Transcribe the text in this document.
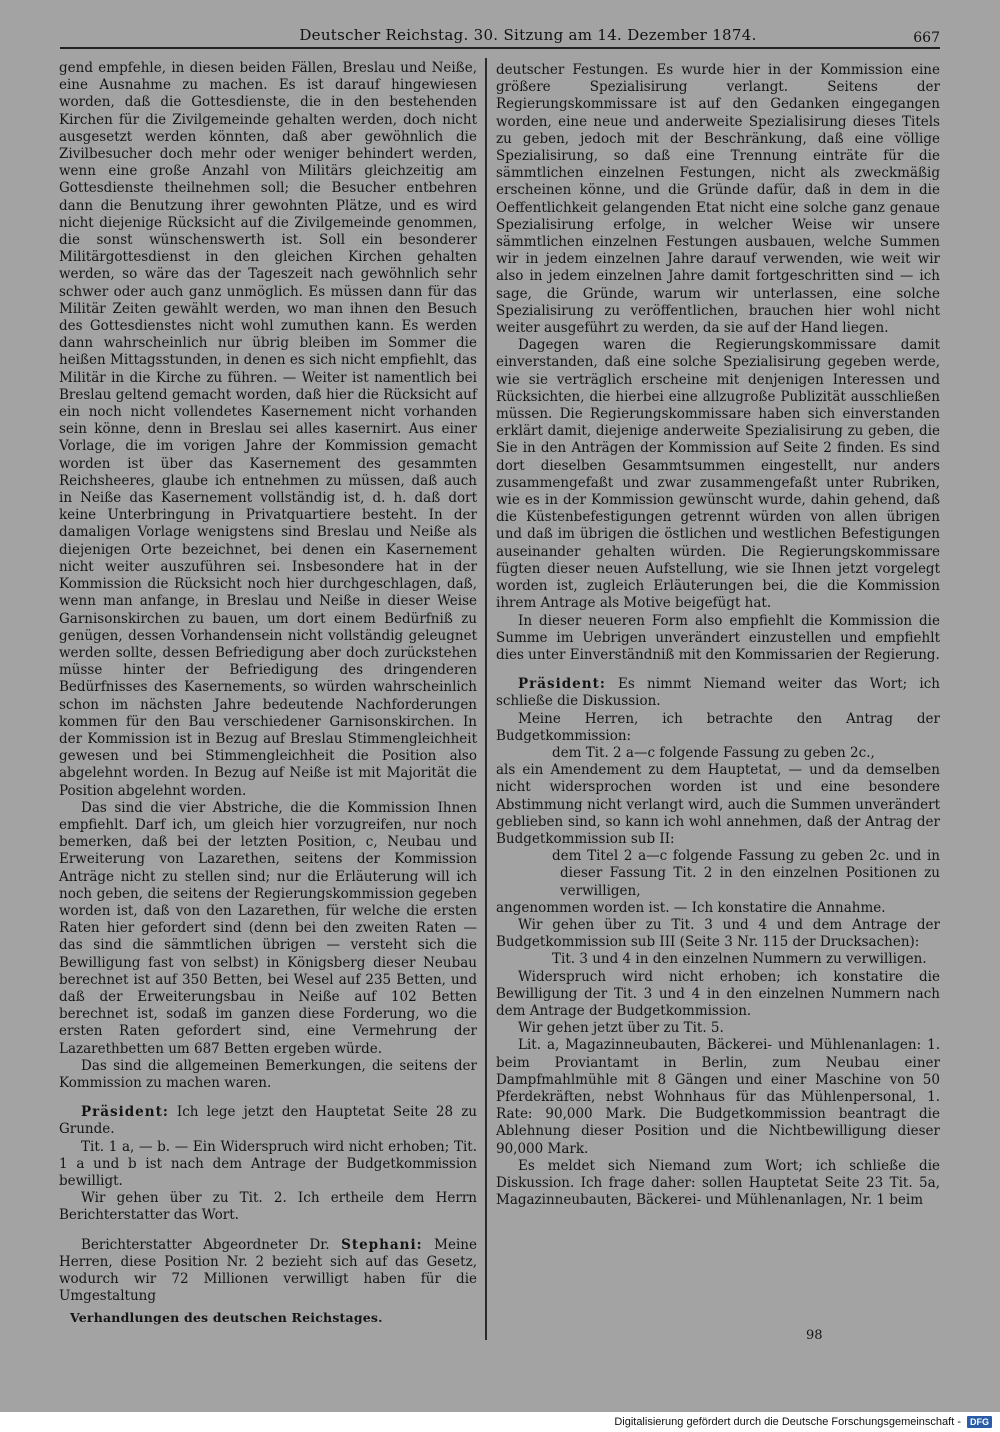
Deutscher Reichstag. 30. Sitzung am 14. Dezember 1874.	667

gend empfehle, in diesen beiden Fällen, Breslau und Neiße, eine Ausnahme zu machen. Es ist darauf hingewiesen worden, daß die Gottesdienste, die in den bestehenden Kirchen für die Zivilgemeinde gehalten werden, doch nicht ausgesetzt werden könnten, daß aber gewöhnlich die Zivilbesucher doch mehr oder weniger behindert werden, wenn eine große Anzahl von Militärs gleichzeitig am Gottesdienste theilnehmen soll; die Besucher entbehren dann die Benutzung ihrer gewohnten Plätze, und es wird nicht diejenige Rücksicht auf die Zivilgemeinde genommen, die sonst wünschenswerth ist. Soll ein besonderer Militärgottesdienst in den gleichen Kirchen gehalten werden, so wäre das der Tageszeit nach gewöhnlich sehr schwer oder auch ganz unmöglich. Es müssen dann für das Militär Zeiten gewählt werden, wo man ihnen den Besuch des Gottesdienstes nicht wohl zumuthen kann. Es werden dann wahrscheinlich nur übrig bleiben im Sommer die heißen Mittagsstunden, in denen es sich nicht empfiehlt, das Militär in die Kirche zu führen. — Weiter ist namentlich bei Breslau geltend gemacht worden, daß hier die Rücksicht auf ein noch nicht vollendetes Kasernement nicht vorhanden sein könne, denn in Breslau sei alles kasernirt. Aus einer Vorlage, die im vorigen Jahre der Kommission gemacht worden ist über das Kasernement des gesammten Reichsheeres, glaube ich entnehmen zu müssen, daß auch in Neiße das Kasernement vollständig ist, d. h. daß dort keine Unterbringung in Privatquartiere besteht. In der damaligen Vorlage wenigstens sind Breslau und Neiße als diejenigen Orte bezeichnet, bei denen ein Kasernement nicht weiter auszuführen sei. Insbesondere hat in der Kommission die Rücksicht noch hier durchgeschlagen, daß, wenn man anfange, in Breslau und Neiße in dieser Weise Garnisonskirchen zu bauen, um dort einem Bedürfniß zu genügen, dessen Vorhandensein nicht vollständig geleugnet werden sollte, dessen Befriedigung aber doch zurückstehen müsse hinter der Befriedigung des dringenderen Bedürfnisses des Kasernements, so würden wahrscheinlich schon im nächsten Jahre bedeutende Nachforderungen kommen für den Bau verschiedener Garnisonskirchen. In der Kommission ist in Bezug auf Breslau Stimmengleichheit gewesen und bei Stimmengleichheit die Position also abgelehnt worden. In Bezug auf Neiße ist mit Majorität die Position abgelehnt worden.

Das sind die vier Abstriche, die die Kommission Ihnen empfiehlt. Darf ich, um gleich hier vorzugreifen, nur noch bemerken, daß bei der letzten Position, c, Neubau und Erweiterung von Lazarethen, seitens der Kommission Anträge nicht zu stellen sind; nur die Erläuterung will ich noch geben, die seitens der Regierungskommission gegeben worden ist, daß von den Lazarethen, für welche die ersten Raten hier gefordert sind (denn bei den zweiten Raten — das sind die sämmtlichen übrigen — versteht sich die Bewilligung fast von selbst) in Königsberg dieser Neubau berechnet ist auf 350 Betten, bei Wesel auf 235 Betten, und daß der Erweiterungsbau in Neiße auf 102 Betten berechnet ist, sodaß im ganzen diese Forderung, wo die ersten Raten gefordert sind, eine Vermehrung der Lazarethbetten um 687 Betten ergeben würde.

Das sind die allgemeinen Bemerkungen, die seitens der Kommission zu machen waren.

Präsident: Ich lege jetzt den Hauptetat Seite 28 zu Grunde.

Tit. 1 a, — b. — Ein Widerspruch wird nicht erhoben; Tit. 1 a und b ist nach dem Antrage der Budgetkommission bewilligt.

Wir gehen über zu Tit. 2. Ich ertheile dem Herrn Berichterstatter das Wort.

Berichterstatter Abgeordneter Dr. Stephani: Meine Herren, diese Position Nr. 2 bezieht sich auf das Gesetz, wodurch wir 72 Millionen verwilligt haben für die Umgestaltung

deutscher Festungen. Es wurde hier in der Kommission eine größere Spezialisirung verlangt. Seitens der Regierungskommissare ist auf den Gedanken eingegangen worden, eine neue und anderweite Spezialisirung dieses Titels zu geben, jedoch mit der Beschränkung, daß eine völlige Spezialisirung, so daß eine Trennung einträte für die sämmtlichen einzelnen Festungen, nicht als zweckmäßig erscheinen könne, und die Gründe dafür, daß in dem in die Oeffentlichkeit gelangenden Etat nicht eine solche ganz genaue Spezialisirung erfolge, in welcher Weise wir unsere sämmtlichen einzelnen Festungen ausbauen, welche Summen wir in jedem einzelnen Jahre darauf verwenden, wie weit wir also in jedem einzelnen Jahre damit fortgeschritten sind — ich sage, die Gründe, warum wir unterlassen, eine solche Spezialisirung zu veröffentlichen, brauchen hier wohl nicht weiter ausgeführt zu werden, da sie auf der Hand liegen.

Dagegen waren die Regierungskommissare damit einverstanden, daß eine solche Spezialisirung gegeben werde, wie sie verträglich erscheine mit denjenigen Interessen und Rücksichten, die hierbei eine allzugroße Publizität ausschließen müssen. Die Regierungskommissare haben sich einverstanden erklärt damit, diejenige anderweite Spezialisirung zu geben, die Sie in den Anträgen der Kommission auf Seite 2 finden. Es sind dort dieselben Gesammtsummen eingestellt, nur anders zusammengefaßt und zwar zusammengefaßt unter Rubriken, wie es in der Kommission gewünscht wurde, dahin gehend, daß die Küstenbefestigungen getrennt würden von allen übrigen und daß im übrigen die östlichen und westlichen Befestigungen auseinander gehalten würden. Die Regierungskommissare fügten dieser neuen Aufstellung, wie sie Ihnen jetzt vorgelegt worden ist, zugleich Erläuterungen bei, die die Kommission ihrem Antrage als Motive beigefügt hat.

In dieser neueren Form also empfiehlt die Kommission die Summe im Uebrigen unverändert einzustellen und empfiehlt dies unter Einverständniß mit den Kommissarien der Regierung.

Präsident: Es nimmt Niemand weiter das Wort; ich schließe die Diskussion.

Meine Herren, ich betrachte den Antrag der Budgetkommission:

dem Tit. 2 a—c folgende Fassung zu geben 2c.,

als ein Amendement zu dem Hauptetat, — und da demselben nicht widersprochen worden ist und eine besondere Abstimmung nicht verlangt wird, auch die Summen unverändert geblieben sind, so kann ich wohl annehmen, daß der Antrag der Budgetkommission sub II:

dem Titel 2 a—c folgende Fassung zu geben 2c. und in dieser Fassung Tit. 2 in den einzelnen Positionen zu verwilligen,

angenommen worden ist. — Ich konstatire die Annahme.

Wir gehen über zu Tit. 3 und 4 und dem Antrage der Budgetkommission sub III (Seite 3 Nr. 115 der Drucksachen):

Tit. 3 und 4 in den einzelnen Nummern zu verwilligen.

Widerspruch wird nicht erhoben; ich konstatire die Bewilligung der Tit. 3 und 4 in den einzelnen Nummern nach dem Antrage der Budgetkommission.

Wir gehen jetzt über zu Tit. 5.

Lit. a, Magazinneubauten, Bäckerei- und Mühlenanlagen: 1. beim Proviantamt in Berlin, zum Neubau einer Dampfmahlmühle mit 8 Gängen und einer Maschine von 50 Pferdekräften, nebst Wohnhaus für das Mühlenpersonal, 1. Rate: 90,000 Mark. Die Budgetkommission beantragt die Ablehnung dieser Position und die Nichtbewilligung dieser 90,000 Mark.

Es meldet sich Niemand zum Wort; ich schließe die Diskussion. Ich frage daher: sollen Hauptetat Seite 23 Tit. 5a, Magazinneubauten, Bäckerei- und Mühlenanlagen, Nr. 1 beim

Verhandlungen des deutschen Reichstages.
98
Digitalisierung gefördert durch die Deutsche Forschungsgemeinschaft -	DFG
